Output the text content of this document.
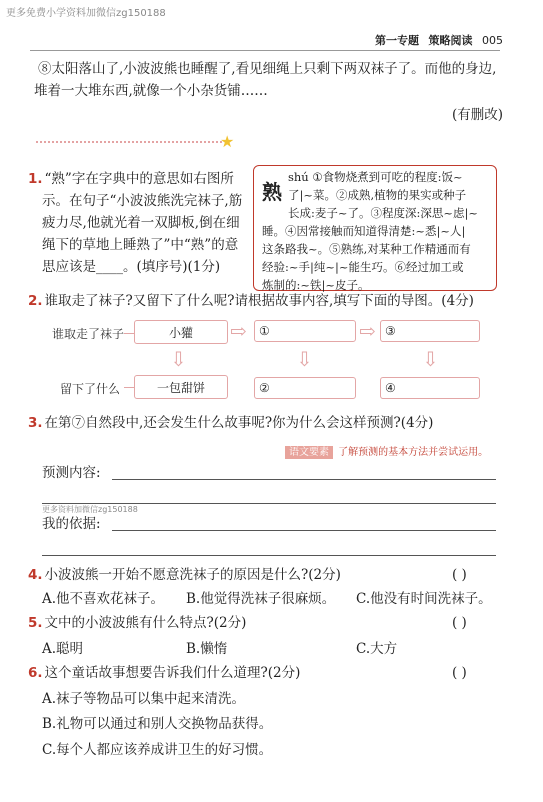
更多免费小学资料加微信zg150188
第一专题 策略阅读 005
⑧太阳落山了,小波波熊也睡醒了,看见细绳上只剩下两双袜子了。而他的身边,
堆着一大堆东西,就像一个小杂货铺……
(有删改)
★
1. “熟”字在字典中的意思如右图所
示。在句子“小波波熊洗完袜子,筋
疲力尽,他就光着一双脚板,倒在细
绳下的草地上睡熟了”中“熟”的意
思应该是____。(填序号)(1分)
熟
shú ①食物烧煮到可吃的程度:饭~
了|~菜。②成熟,植物的果实或种子
长成:麦子~了。③程度深:深思~虑|~
睡。④因常接触而知道得清楚:~悉|~人|
这条路我~。⑤熟练,对某种工作精通而有
经验:~手|纯~|~能生巧。⑥经过加工或
炼制的:~铁|~皮子。
2. 谁取走了袜子?又留下了什么呢?请根据故事内容,填写下面的导图。(4分)
谁取走了袜子	小獾	⇨ ①	⇨ ③
⇩	⇩	⇩
留下了什么	一包甜饼	②	④
3. 在第⑦自然段中,还会发生什么故事呢?你为什么会这样预测?(4分)
语文要素 了解预测的基本方法并尝试运用。
预测内容:
更多资料加微信zg150188
我的依据:
4. 小波波熊一开始不愿意洗袜子的原因是什么?(2分)	( )
A.他不喜欢花袜子。 B.他觉得洗袜子很麻烦。 C.他没有时间洗袜子。
5. 文中的小波波熊有什么特点?(2分)	( )
A.聪明	B.懒惰	C.大方
6. 这个童话故事想要告诉我们什么道理?(2分)	( )
A.袜子等物品可以集中起来清洗。
B.礼物可以通过和别人交换物品获得。
C.每个人都应该养成讲卫生的好习惯。
